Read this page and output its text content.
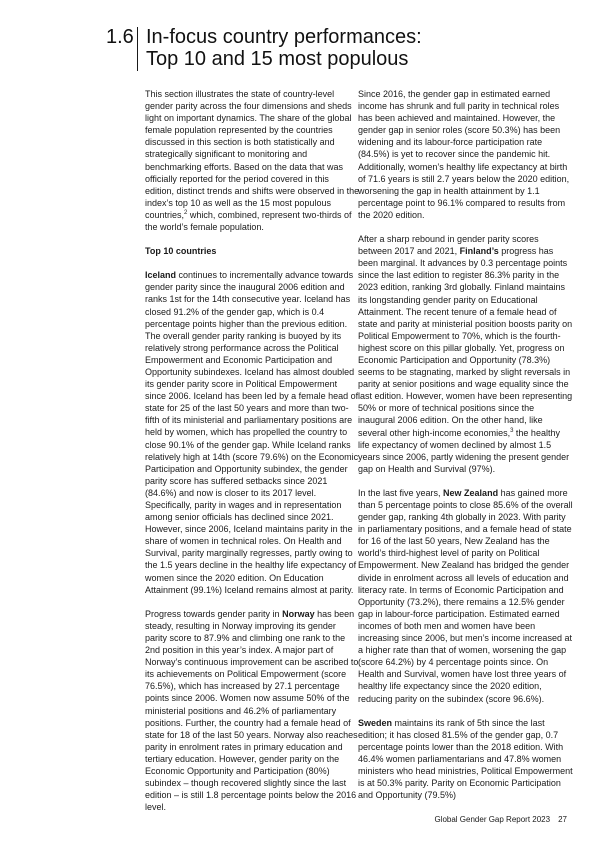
1.6 In-focus country performances:
Top 10 and 15 most populous

This section illustrates the state of country-level gender parity across the four dimensions and sheds light on important dynamics. The share of the global female population represented by the countries discussed in this section is both statistically and strategically significant to monitoring and benchmarking efforts. Based on the data that was officially reported for the period covered in this edition, distinct trends and shifts were observed in the index’s top 10 as well as the 15 most populous countries,$^2$ which, combined, represent two-thirds of the world’s female population.

Top 10 countries

Iceland continues to incrementally advance towards gender parity since the inaugural 2006 edition and ranks 1st for the 14th consecutive year. Iceland has closed 91.2% of the gender gap, which is 0.4 percentage points higher than the previous edition. The overall gender parity ranking is buoyed by its relatively strong performance across the Political Empowerment and Economic Participation and Opportunity subindexes. Iceland has almost doubled its gender parity score in Political Empowerment since 2006. Iceland has been led by a female head of state for 25 of the last 50 years and more than two-fifth of its ministerial and parliamentary positions are held by women, which has propelled the country to close 90.1% of the gender gap. While Iceland ranks relatively high at 14th (score 79.6%) on the Economic Participation and Opportunity subindex, the gender parity score has suffered setbacks since 2021 (84.6%) and now is closer to its 2017 level. Specifically, parity in wages and in representation among senior officials has declined since 2021. However, since 2006, Iceland maintains parity in the share of women in technical roles. On Health and Survival, parity marginally regresses, partly owing to the 1.5 years decline in the healthy life expectancy of women since the 2020 edition. On Education Attainment (99.1%) Iceland remains almost at parity.

Progress towards gender parity in Norway has been steady, resulting in Norway improving its gender parity score to 87.9% and climbing one rank to the 2nd position in this year’s index. A major part of Norway’s continuous improvement can be ascribed to its achievements on Political Empowerment (score 76.5%), which has increased by 27.1 percentage points since 2006. Women now assume 50% of the ministerial positions and 46.2% of parliamentary positions. Further, the country had a female head of state for 18 of the last 50 years. Norway also reaches parity in enrolment rates in primary education and tertiary education. However, gender parity on the Economic Opportunity and Participation (80%) subindex – though recovered slightly since the last edition – is still 1.8 percentage points below the 2016 level.

Since 2016, the gender gap in estimated earned income has shrunk and full parity in technical roles has been achieved and maintained. However, the gender gap in senior roles (score 50.3%) has been widening and its labour-force participation rate (84.5%) is yet to recover since the pandemic hit. Additionally, women’s healthy life expectancy at birth of 71.6 years is still 2.7 years below the 2020 edition, worsening the gap in health attainment by 1.1 percentage point to 96.1% compared to results from the 2020 edition.

After a sharp rebound in gender parity scores between 2017 and 2021, Finland’s progress has been marginal. It advances by 0.3 percentage points since the last edition to register 86.3% parity in the 2023 edition, ranking 3rd globally. Finland maintains its longstanding gender parity on Educational Attainment. The recent tenure of a female head of state and parity at ministerial position boosts parity on Political Empowerment to 70%, which is the fourth-highest score on this pillar globally. Yet, progress on Economic Participation and Opportunity (78.3%) seems to be stagnating, marked by slight reversals in parity at senior positions and wage equality since the last edition. However, women have been representing 50% or more of technical positions since the inaugural 2006 edition. On the other hand, like several other high-income economies,$^3$ the healthy life expectancy of women declined by almost 1.5 years since 2006, partly widening the present gender gap on Health and Survival (97%).

In the last five years, New Zealand has gained more than 5 percentage points to close 85.6% of the overall gender gap, ranking 4th globally in 2023. With parity in parliamentary positions, and a female head of state for 16 of the last 50 years, New Zealand has the world’s third-highest level of parity on Political Empowerment. New Zealand has bridged the gender divide in enrolment across all levels of education and literacy rate. In terms of Economic Participation and Opportunity (73.2%), there remains a 12.5% gender gap in labour-force participation. Estimated earned incomes of both men and women have been increasing since 2006, but men’s income increased at a higher rate than that of women, worsening the gap (score 64.2%) by 4 percentage points since. On Health and Survival, women have lost three years of healthy life expectancy since the 2020 edition, reducing parity on the subindex (score 96.6%).

Sweden maintains its rank of 5th since the last edition; it has closed 81.5% of the gender gap, 0.7 percentage points lower than the 2018 edition. With 46.4% women parliamentarians and 47.8% women ministers who head ministries, Political Empowerment is at 50.3% parity. Parity on Economic Participation and Opportunity (79.5%)

Global Gender Gap Report 2023 27
